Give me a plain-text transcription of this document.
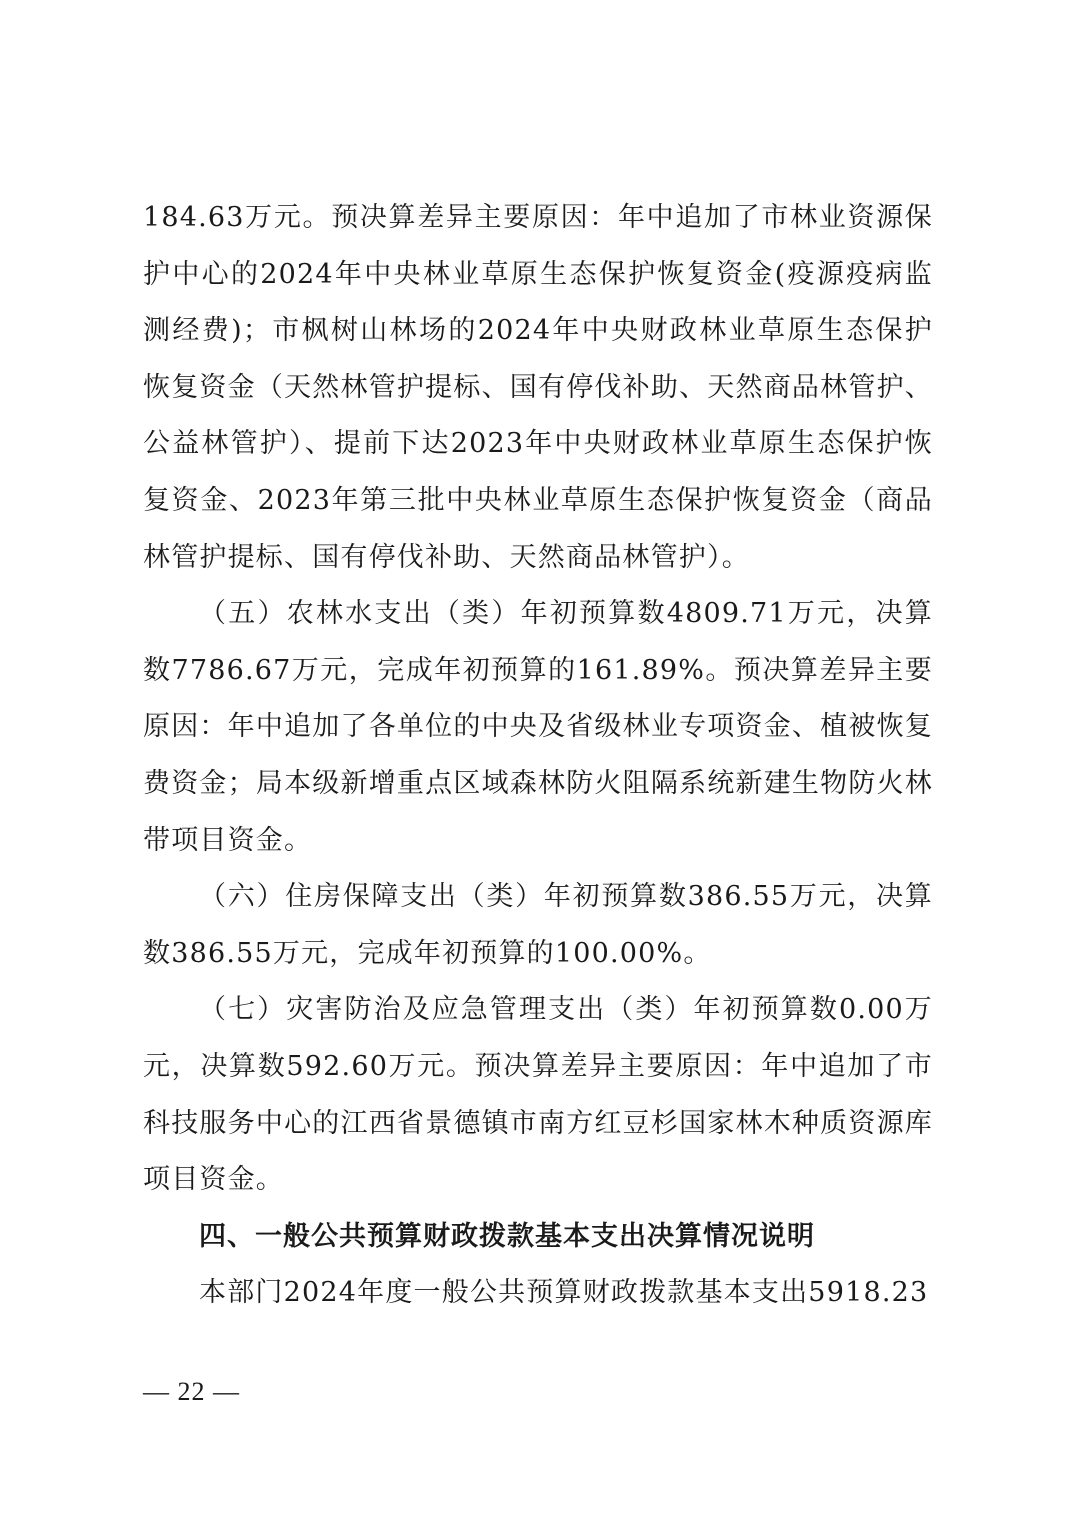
184.63万元。预决算差异主要原因：年中追加了市林业资源保护中心的2024年中央林业草原生态保护恢复资金(疫源疫病监测经费)；市枫树山林场的2024年中央财政林业草原生态保护恢复资金（天然林管护提标、国有停伐补助、天然商品林管护、公益林管护）、提前下达2023年中央财政林业草原生态保护恢复资金、2023年第三批中央林业草原生态保护恢复资金（商品林管护提标、国有停伐补助、天然商品林管护）。

（五）农林水支出（类）年初预算数4809.71万元，决算数7786.67万元，完成年初预算的161.89%。预决算差异主要原因：年中追加了各单位的中央及省级林业专项资金、植被恢复费资金；局本级新增重点区域森林防火阻隔系统新建生物防火林带项目资金。

（六）住房保障支出（类）年初预算数386.55万元，决算数386.55万元，完成年初预算的100.00%。

（七）灾害防治及应急管理支出（类）年初预算数0.00万元，决算数592.60万元。预决算差异主要原因：年中追加了市科技服务中心的江西省景德镇市南方红豆杉国家林木种质资源库项目资金。

四、一般公共预算财政拨款基本支出决算情况说明

本部门2024年度一般公共预算财政拨款基本支出5918.23

— 22 —
